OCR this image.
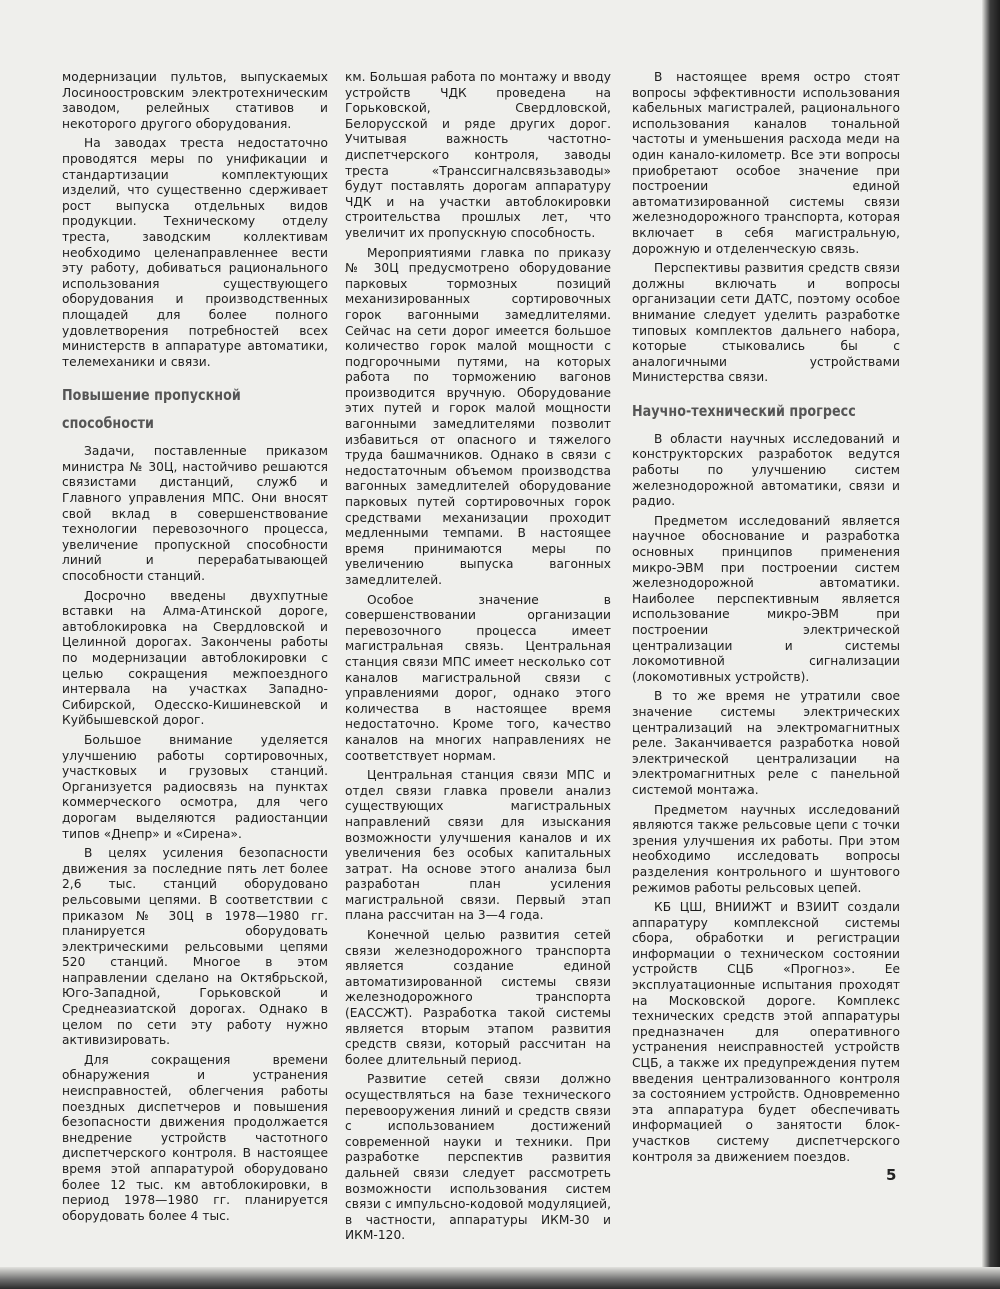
модернизации пультов, выпускаемых Лосиноостровским электротехническим заводом, релейных стативов и некоторого другого оборудования.

На заводах треста недостаточно проводятся меры по унификации и стандартизации комплектующих изделий, что существенно сдерживает рост выпуска отдельных видов продукции. Техническому отделу треста, заводским коллективам необходимо целенаправленнее вести эту работу, добиваться рационального использования существующего оборудования и производственных площадей для более полного удовлетворения потребностей всех министерств в аппаратуре автоматики, телемеханики и связи.

Повышение пропускной
способности

Задачи, поставленные приказом министра № 30Ц, настойчиво решаются связистами дистанций, служб и Главного управления МПС. Они вносят свой вклад в совершенствование технологии перевозочного процесса, увеличение пропускной способности линий и перерабатывающей способности станций.

Досрочно введены двухпутные вставки на Алма-Атинской дороге, автоблокировка на Свердловской и Целинной дорогах. Закончены работы по модернизации автоблокировки с целью сокращения межпоездного интервала на участках Западно-Сибирской, Одесско-Кишиневской и Куйбышевской дорог.

Большое внимание уделяется улучшению работы сортировочных, участковых и грузовых станций. Организуется радиосвязь на пунктах коммерческого осмотра, для чего дорогам выделяются радиостанции типов «Днепр» и «Сирена».

В целях усиления безопасности движения за последние пять лет более 2,6 тыс. станций оборудовано рельсовыми цепями. В соответствии с приказом № 30Ц в 1978—1980 гг. планируется оборудовать электрическими рельсовыми цепями 520 станций. Многое в этом направлении сделано на Октябрьской, Юго-Западной, Горьковской и Среднеазиатской дорогах. Однако в целом по сети эту работу нужно активизировать.

Для сокращения времени обнаружения и устранения неисправностей, облегчения работы поездных диспетчеров и повышения безопасности движения продолжается внедрение устройств частотного диспетчерского контроля. В настоящее время этой аппаратурой оборудовано более 12 тыс. км автоблокировки, в период 1978—1980 гг. планируется оборудовать более 4 тыс.

км. Большая работа по монтажу и вводу устройств ЧДК проведена на Горьковской, Свердловской, Белорусской и ряде других дорог. Учитывая важность частотно-диспетчерского контроля, заводы треста «Транссигналсвязьзаводы» будут поставлять дорогам аппаратуру ЧДК и на участки автоблокировки строительства прошлых лет, что увеличит их пропускную способность.

Мероприятиями главка по приказу № 30Ц предусмотрено оборудование парковых тормозных позиций механизированных сортировочных горок вагонными замедлителями. Сейчас на сети дорог имеется большое количество горок малой мощности с подгорочными путями, на которых работа по торможению вагонов производится вручную. Оборудование этих путей и горок малой мощности вагонными замедлителями позволит избавиться от опасного и тяжелого труда башмачников. Однако в связи с недостаточным объемом производства вагонных замедлителей оборудование парковых путей сортировочных горок средствами механизации проходит медленными темпами. В настоящее время принимаются меры по увеличению выпуска вагонных замедлителей.

Особое значение в совершенствовании организации перевозочного процесса имеет магистральная связь. Центральная станция связи МПС имеет несколько сот каналов магистральной связи с управлениями дорог, однако этого количества в настоящее время недостаточно. Кроме того, качество каналов на многих направлениях не соответствует нормам.

Центральная станция связи МПС и отдел связи главка провели анализ существующих магистральных направлений связи для изыскания возможности улучшения каналов и их увеличения без особых капитальных затрат. На основе этого анализа был разработан план усиления магистральной связи. Первый этап плана рассчитан на 3—4 года.

Конечной целью развития сетей связи железнодорожного транспорта является создание единой автоматизированной системы связи железнодорожного транспорта (ЕАССЖТ). Разработка такой системы является вторым этапом развития средств связи, который рассчитан на более длительный период.

Развитие сетей связи должно осуществляться на базе технического перевооружения линий и средств связи с использованием достижений современной науки и техники. При разработке перспектив развития дальней связи следует рассмотреть возможности использования систем связи с импульсно-кодовой модуляцией, в частности, аппаратуры ИКМ-30 и ИКМ-120.

В настоящее время остро стоят вопросы эффективности использования кабельных магистралей, рационального использования каналов тональной частоты и уменьшения расхода меди на один канало-километр. Все эти вопросы приобретают особое значение при построении единой автоматизированной системы связи железнодорожного транспорта, которая включает в себя магистральную, дорожную и отделенческую связь.

Перспективы развития средств связи должны включать и вопросы организации сети ДАТС, поэтому особое внимание следует уделить разработке типовых комплектов дальнего набора, которые стыковались бы с аналогичными устройствами Министерства связи.

Научно-технический прогресс

В области научных исследований и конструкторских разработок ведутся работы по улучшению систем железнодорожной автоматики, связи и радио.

Предметом исследований является научное обоснование и разработка основных принципов применения микро-ЭВМ при построении систем железнодорожной автоматики. Наиболее перспективным является использование микро-ЭВМ при построении электрической централизации и системы локомотивной сигнализации (локомотивных устройств).

В то же время не утратили свое значение системы электрических централизаций на электромагнитных реле. Заканчивается разработка новой электрической централизации на электромагнитных реле с панельной системой монтажа.

Предметом научных исследований являются также рельсовые цепи с точки зрения улучшения их работы. При этом необходимо исследовать вопросы разделения контрольного и шунтового режимов работы рельсовых цепей.

КБ ЦШ, ВНИИЖТ и ВЗИИТ создали аппаратуру комплексной системы сбора, обработки и регистрации информации о техническом состоянии устройств СЦБ «Прогноз». Ее эксплуатационные испытания проходят на Московской дороге. Комплекс технических средств этой аппаратуры предназначен для оперативного устранения неисправностей устройств СЦБ, а также их предупреждения путем введения централизованного контроля за состоянием устройств. Одновременно эта аппаратура будет обеспечивать информацией о занятости блок-участков систему диспетчерского контроля за движением поездов.

5
